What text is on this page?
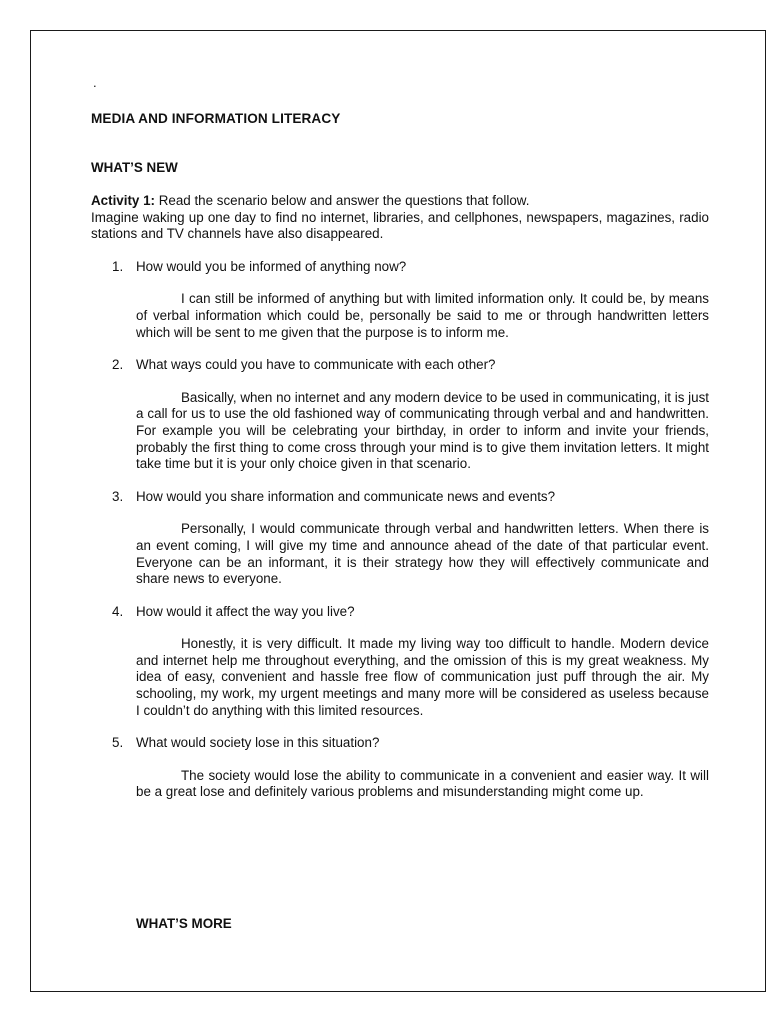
.
MEDIA AND INFORMATION LITERACY
WHAT’S NEW
Activity 1: Read the scenario below and answer the questions that follow.
Imagine waking up one day to find no internet, libraries, and cellphones, newspapers, magazines, radio stations and TV channels have also disappeared.
1. How would you be informed of anything now?
I can still be informed of anything but with limited information only. It could be, by means of verbal information which could be, personally be said to me or through handwritten letters which will be sent to me given that the purpose is to inform me.
2. What ways could you have to communicate with each other?
Basically, when no internet and any modern device to be used in communicating, it is just a call for us to use the old fashioned way of communicating through verbal and and handwritten. For example you will be celebrating your birthday, in order to inform and invite your friends, probably the first thing to come cross through your mind is to give them invitation letters. It might take time but it is your only choice given in that scenario.
3. How would you share information and communicate news and events?
Personally, I would communicate through verbal and handwritten letters. When there is an event coming, I will give my time and announce ahead of the date of that particular event. Everyone can be an informant, it is their strategy how they will effectively communicate and share news to everyone.
4. How would it affect the way you live?
Honestly, it is very difficult. It made my living way too difficult to handle. Modern device and internet help me throughout everything, and the omission of this is my great weakness. My idea of easy, convenient and hassle free flow of communication just puff through the air. My schooling, my work, my urgent meetings and many more will be considered as useless because I couldn’t do anything with this limited resources.
5. What would society lose in this situation?
The society would lose the ability to communicate in a convenient and easier way. It will be a great lose and definitely various problems and misunderstanding might come up.
WHAT’S MORE
